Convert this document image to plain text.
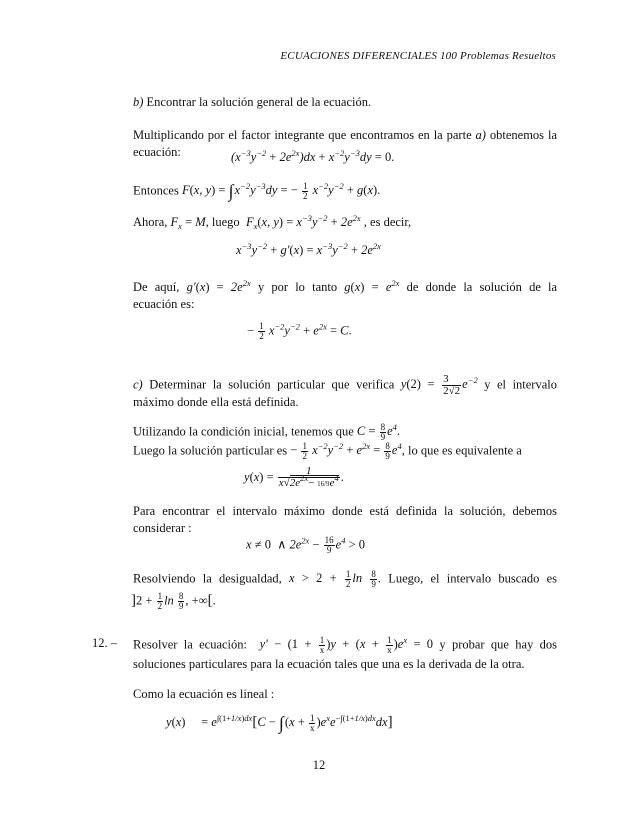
ECUACIONES DIFERENCIALES 100 Problemas Resueltos
b) Encontrar la solución general de la ecuación.
Multiplicando por el factor integrante que encontramos en la parte a) obtenemos la ecuación:	$(x^{-3}y^{-2} + 2e^{2x})dx + x^{-2}y^{-3}dy = 0$.
Entonces F(x, $y) = \int x^{-2}y^{-3}dy$ = − $\frac{1}{2} x^{-2}y^{-2} + g(x)$.
Ahora, $F_x = M$, luego  $F_x(x$, $y) = x^{-3}y^{-2} + 2e^{2x}$ , es decir,
$x^{-3}y^{-2} + g'(x) = x^{-3}y^{-2} + 2e^{2x}$
De aquí, $g'(x) = 2e^{2x}$ y por lo tanto $g(x) = e^{2x}$ de donde la solución de la
ecuación es:
− $\frac{1}{2} x^{-2}y^{-2} + e^{2x} = C$.
c) Determinar la solución particular que verifica $y(2) = \frac{3}{2√2} e^{-2}$ y el intervalo
máximo donde ella está definida.
Utilizando la condición inicial, tenemos que $C = \frac{8}{9} e^4$.
Luego la solución particular es − $\frac{1}{2} x^{-2}y^{-2} + e^{2x} = \frac{8}{9} e^4$, lo que es equivalente a
$y(x) = \frac{1}{x√2e^{2x}- 16/9e^4}$ .
Para encontrar el intervalo máximo donde está definida la solución, debemos considerar :
x ≠ 0 ∧ $2e^{2x} - \frac{16}{9} e^4 > 0$
Resolviendo la desigualdad, $x > 2 + \frac{1}{2}$ $\ln \frac{8}{9}$ . Luego, el intervalo buscado es
]$2 + \frac{1}{2}$ $\ln \frac{8}{9}$ , +∞[.
12. – Resolver la ecuación:  $y' - (1 + \frac{1}{x} )y + (x + \frac{1}{x} )e^x = 0$ y probar que hay dos
soluciones particulares para la ecuación tales que una es la derivada de la otra.
Como la ecuación es lineal :
$y(x) = e^{\int(1+1/x)dx}[C - \int(x + \frac{1}{x} )e^xe^{-\int(1+1/x)dx}dx]$
12
